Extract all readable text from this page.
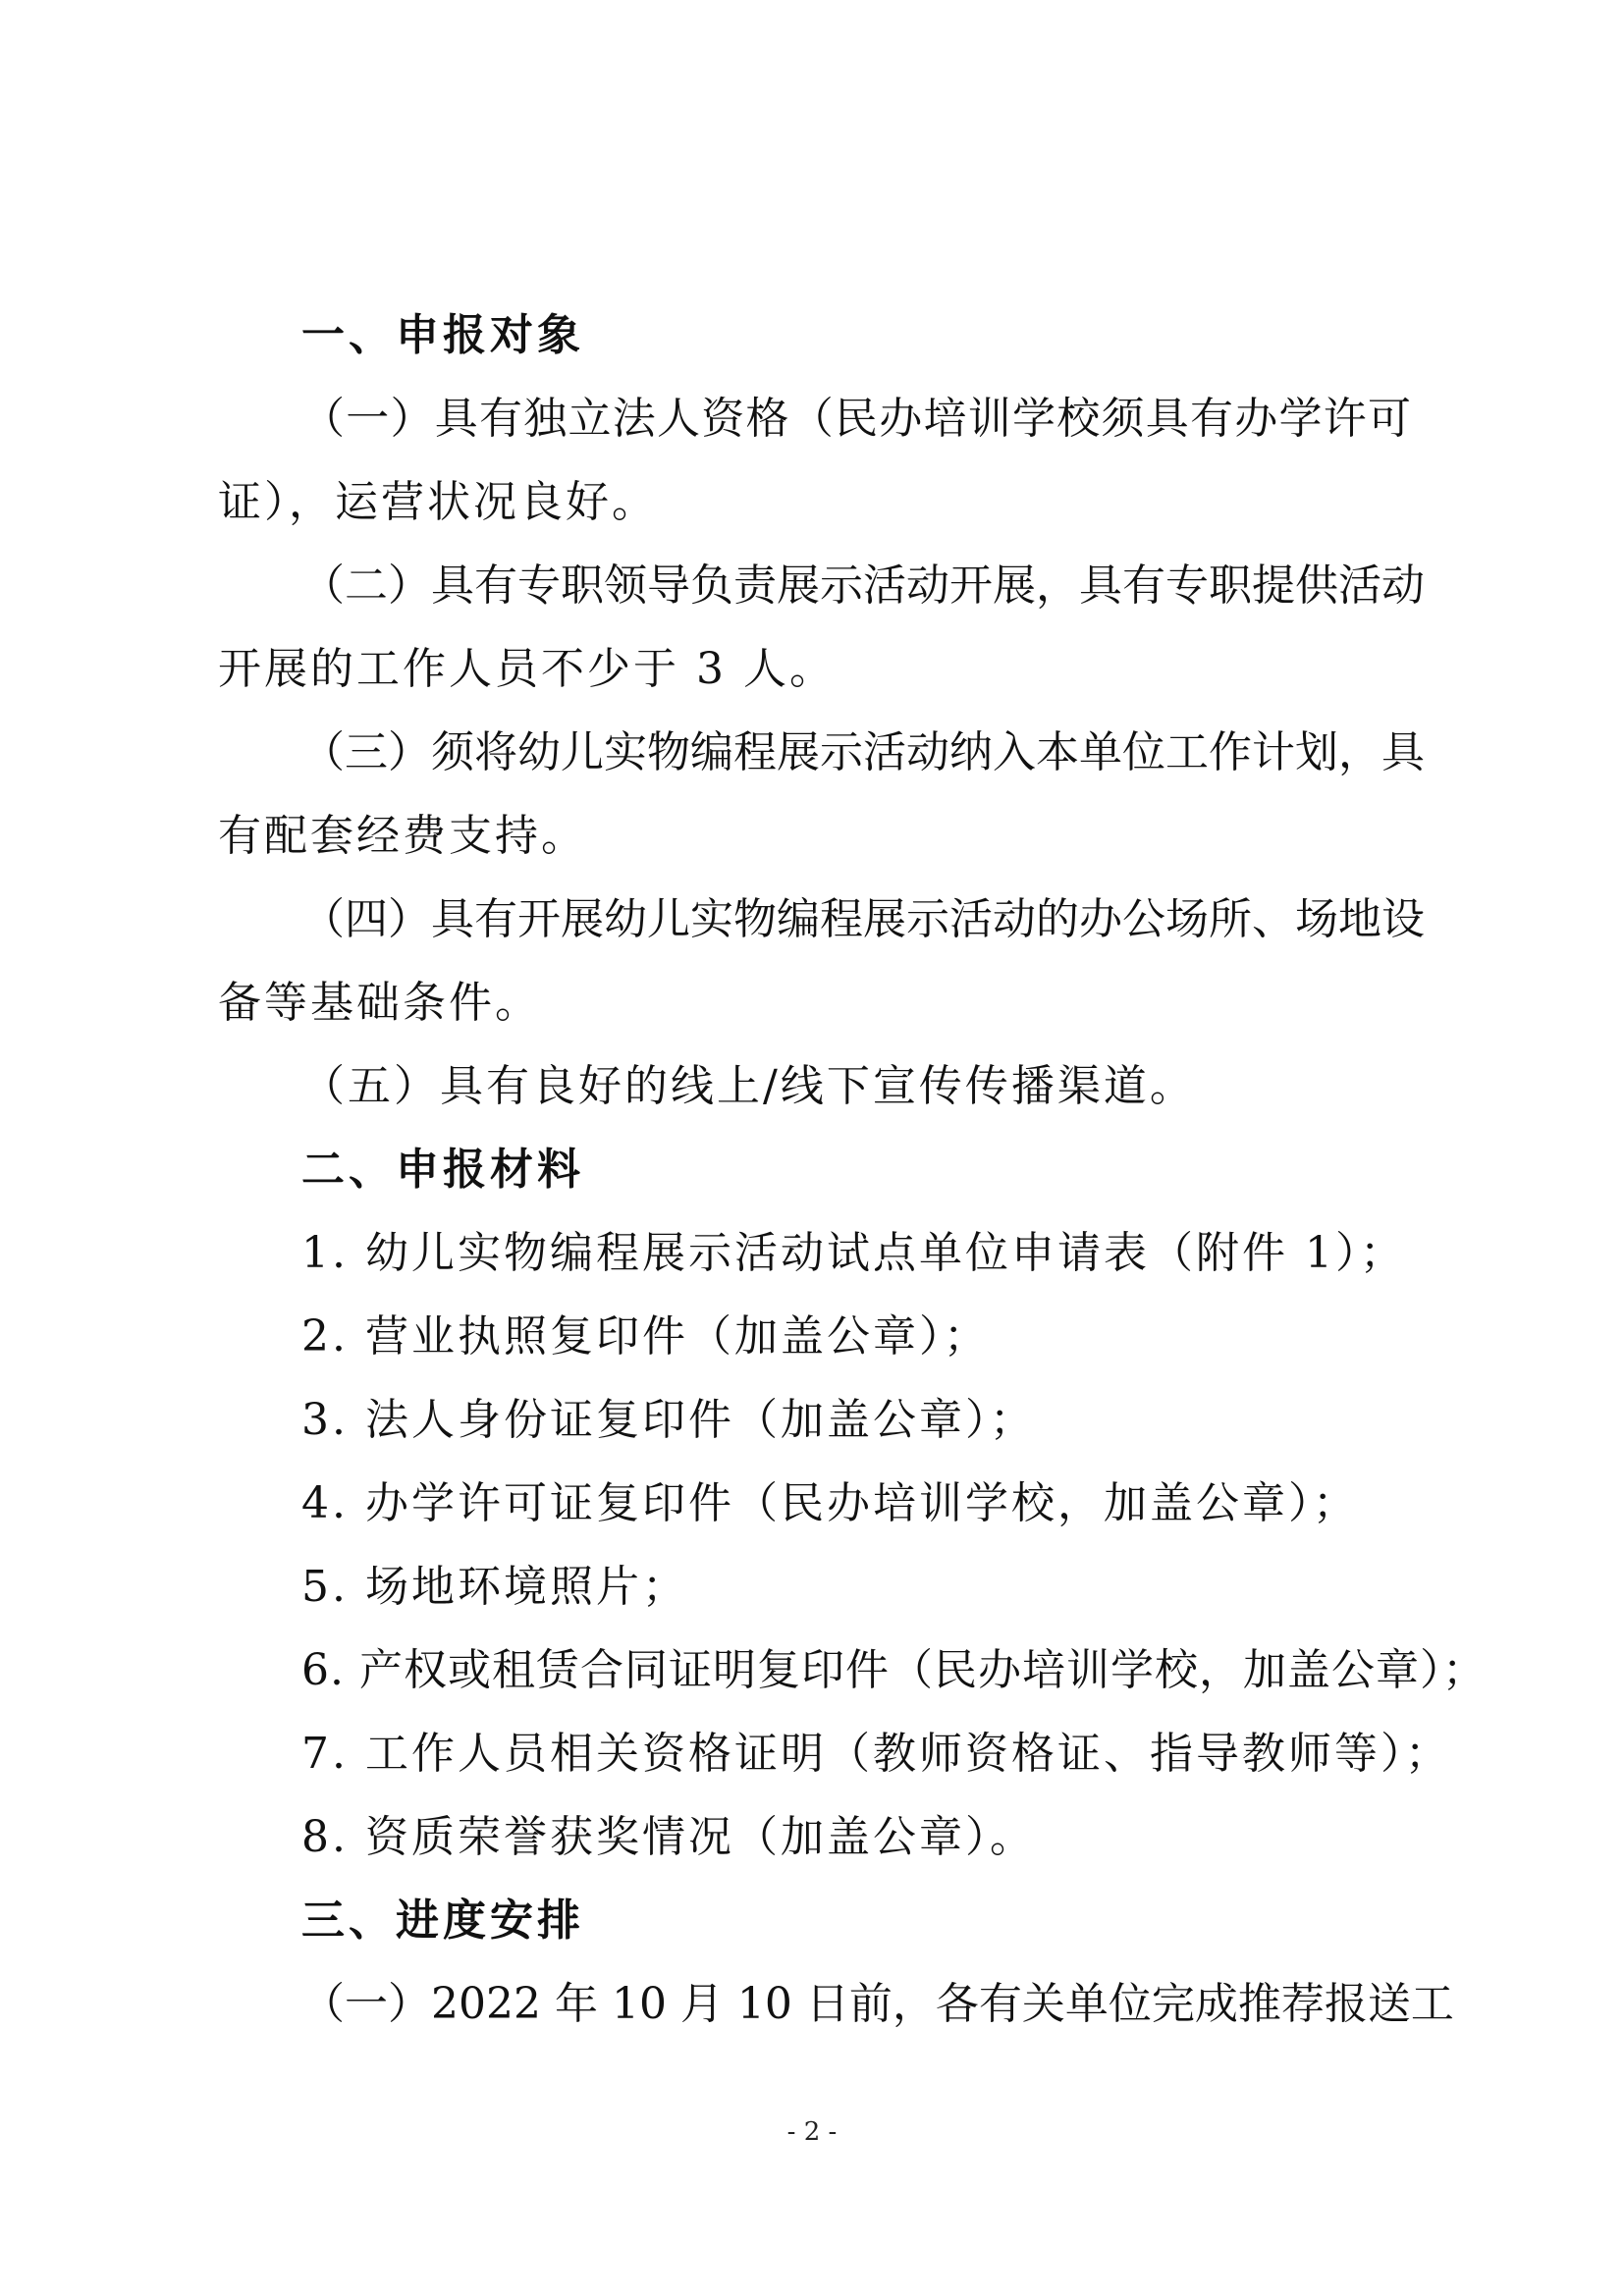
一、申报对象
（一）具有独立法人资格（民办培训学校须具有办学许可
证），运营状况良好。
（二）具有专职领导负责展示活动开展，具有专职提供活动
开展的工作人员不少于 3 人。
（三）须将幼儿实物编程展示活动纳入本单位工作计划，具
有配套经费支持。
（四）具有开展幼儿实物编程展示活动的办公场所、场地设
备等基础条件。
（五）具有良好的线上/线下宣传传播渠道。
二、申报材料
1. 幼儿实物编程展示活动试点单位申请表（附件 1）；
2. 营业执照复印件（加盖公章）；
3. 法人身份证复印件（加盖公章）；
4. 办学许可证复印件（民办培训学校，加盖公章）；
5. 场地环境照片；
6. 产权或租赁合同证明复印件（民办培训学校，加盖公章）；
7. 工作人员相关资格证明（教师资格证、指导教师等）；
8. 资质荣誉获奖情况（加盖公章）。
三、进度安排
（一）2022 年 10 月 10 日前，各有关单位完成推荐报送工
- 2 -
